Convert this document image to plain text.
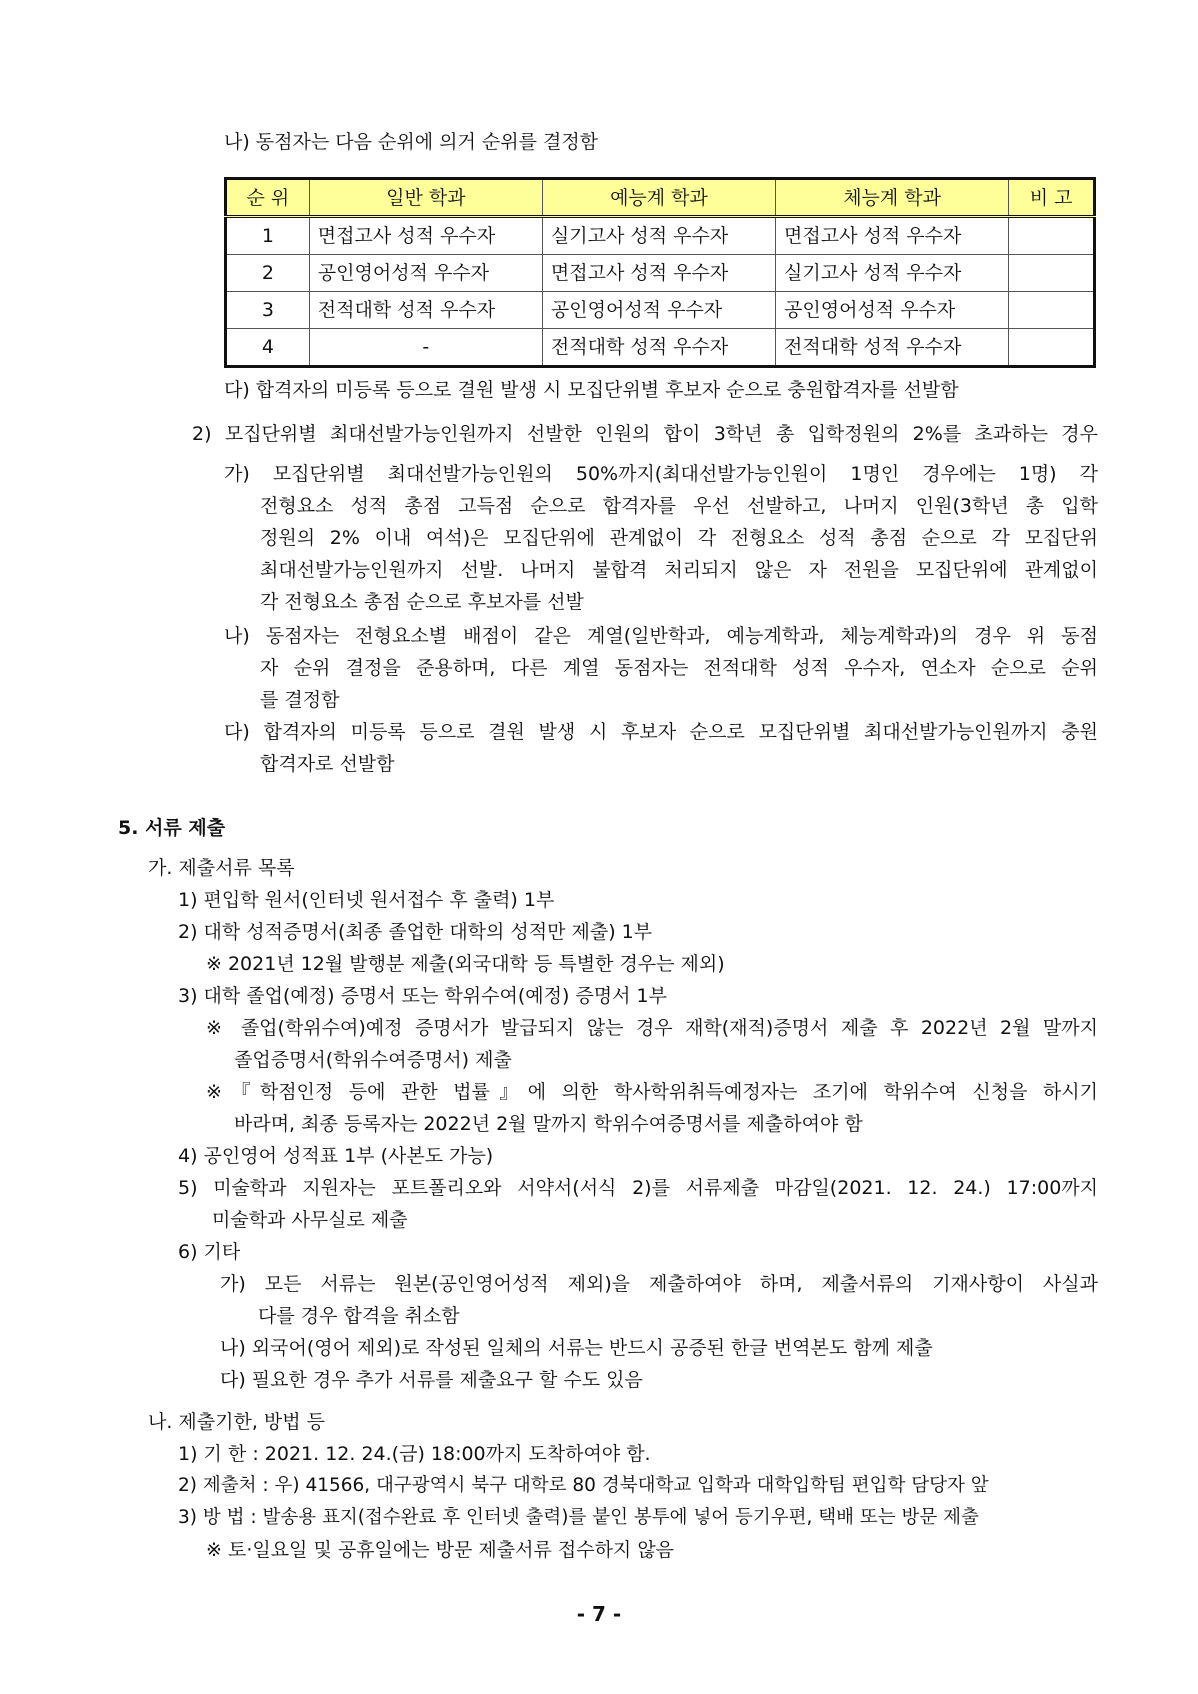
나) 동점자는 다음 순위에 의거 순위를 결정함

순 위	일반 학과	예능계 학과	체능계 학과	비 고
1	면접고사 성적 우수자	실기고사 성적 우수자	면접고사 성적 우수자	
2	공인영어성적 우수자	면접고사 성적 우수자	실기고사 성적 우수자	
3	전적대학 성적 우수자	공인영어성적 우수자	공인영어성적 우수자	
4	-	전적대학 성적 우수자	전적대학 성적 우수자	

다) 합격자의 미등록 등으로 결원 발생 시 모집단위별 후보자 순으로 충원합격자를 선발함

2) 모집단위별 최대선발가능인원까지 선발한 인원의 합이 3학년 총 입학정원의 2%를 초과하는 경우

가) 모집단위별 최대선발가능인원의 50%까지(최대선발가능인원이 1명인 경우에는 1명) 각
전형요소 성적 총점 고득점 순으로 합격자를 우선 선발하고, 나머지 인원(3학년 총 입학
정원의 2% 이내 여석)은 모집단위에 관계없이 각 전형요소 성적 총점 순으로 각 모집단위
최대선발가능인원까지 선발. 나머지 불합격 처리되지 않은 자 전원을 모집단위에 관계없이
각 전형요소 총점 순으로 후보자를 선발
나) 동점자는 전형요소별 배점이 같은 계열(일반학과, 예능계학과, 체능계학과)의 경우 위 동점
자 순위 결정을 준용하며, 다른 계열 동점자는 전적대학 성적 우수자, 연소자 순으로 순위
를 결정함
다) 합격자의 미등록 등으로 결원 발생 시 후보자 순으로 모집단위별 최대선발가능인원까지 충원
합격자로 선발함

5. 서류 제출

가. 제출서류 목록

1) 편입학 원서(인터넷 원서접수 후 출력) 1부

2) 대학 성적증명서(최종 졸업한 대학의 성적만 제출) 1부

※ 2021년 12월 발행분 제출(외국대학 등 특별한 경우는 제외)

3) 대학 졸업(예정) 증명서 또는 학위수여(예정) 증명서 1부

※ 졸업(학위수여)예정 증명서가 발급되지 않는 경우 재학(재적)증명서 제출 후 2022년 2월 말까지
졸업증명서(학위수여증명서) 제출
※『학점인정 등에 관한 법률』에 의한 학사학위취득예정자는 조기에 학위수여 신청을 하시기
바라며, 최종 등록자는 2022년 2월 말까지 학위수여증명서를 제출하여야 함

4) 공인영어 성적표 1부 (사본도 가능)

5) 미술학과 지원자는 포트폴리오와 서약서(서식 2)를 서류제출 마감일(2021. 12. 24.) 17:00까지
미술학과 사무실로 제출

6) 기타

가) 모든 서류는 원본(공인영어성적 제외)을 제출하여야 하며, 제출서류의 기재사항이 사실과
다를 경우 합격을 취소함

나) 외국어(영어 제외)로 작성된 일체의 서류는 반드시 공증된 한글 번역본도 함께 제출

다) 필요한 경우 추가 서류를 제출요구 할 수도 있음

나. 제출기한, 방법 등

1) 기 한 : 2021. 12. 24.(금) 18:00까지 도착하여야 함.

2) 제출처 : 우) 41566, 대구광역시 북구 대학로 80 경북대학교 입학과 대학입학팀 편입학 담당자 앞

3) 방 법 : 발송용 표지(접수완료 후 인터넷 출력)를 붙인 봉투에 넣어 등기우편, 택배 또는 방문 제출

※ 토·일요일 및 공휴일에는 방문 제출서류 접수하지 않음

- 7 -
